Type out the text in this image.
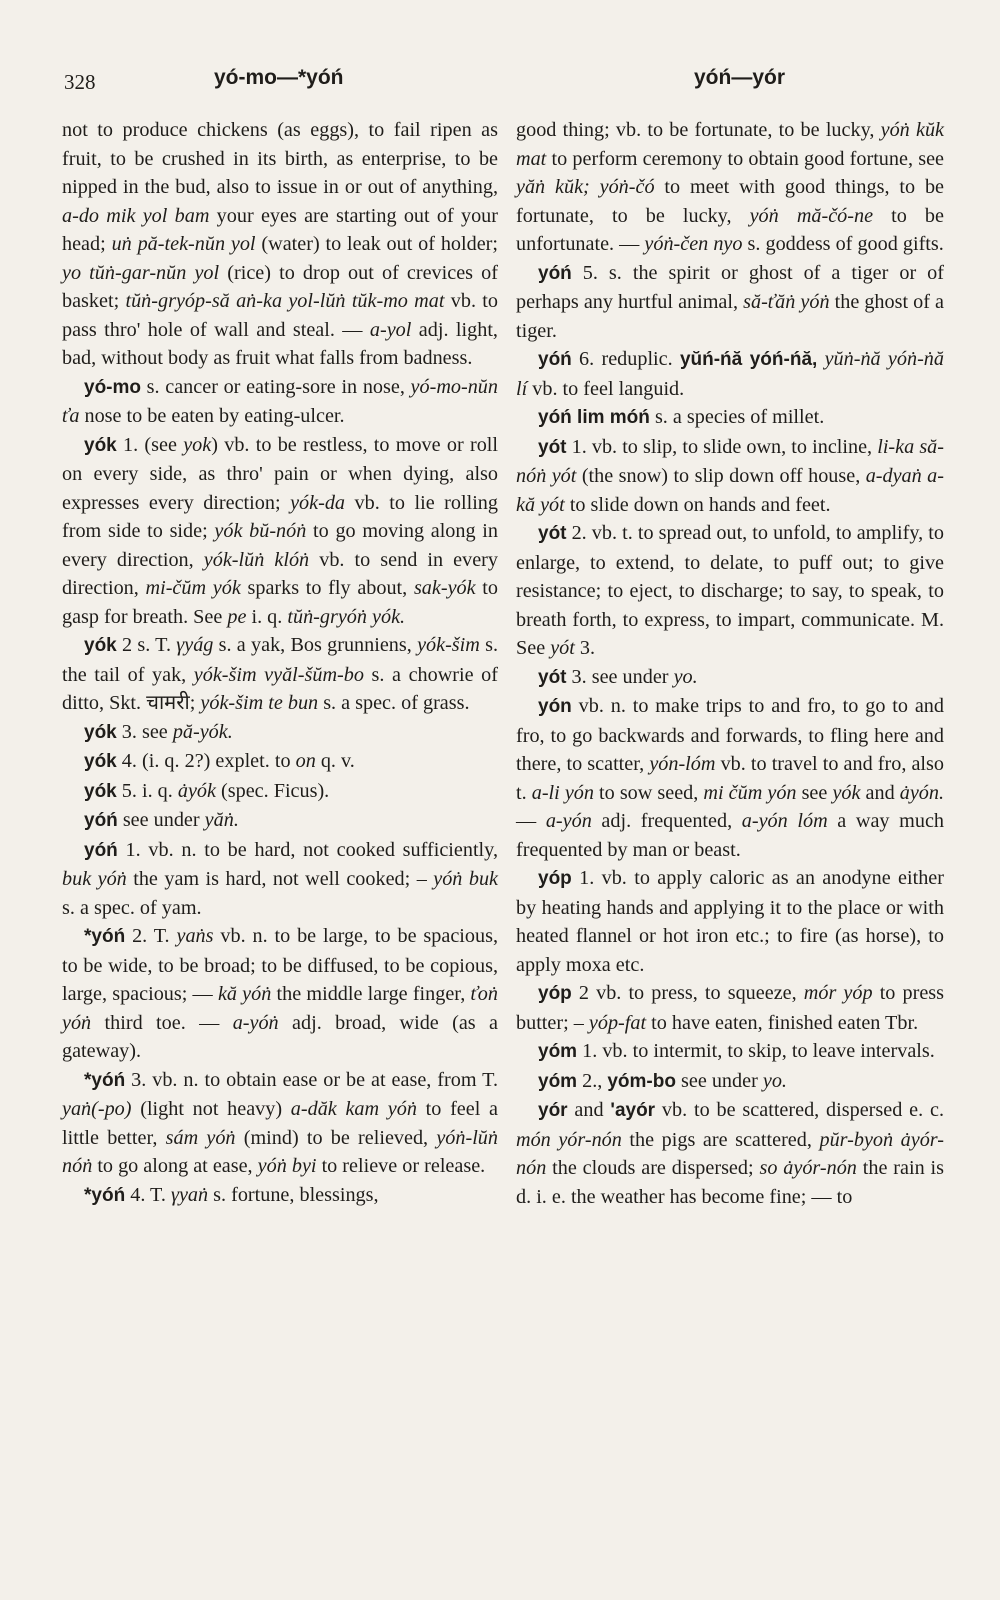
328	yó-mo—*yóń	yóń—yór

not to produce chickens (as eggs), to fail ripen as fruit, to be crushed in its birth, as enterprise, to be nipped in the bud, also to issue in or out of anything, a-do mik yol bam your eyes are starting out of your head; uṅ pă-tek-nŭn yol (water) to leak out of holder; yo tŭṅ-gar-nŭn yol (rice) to drop out of crevices of basket; tŭṅ-gryóp-să aṅ-ka yol-lŭṅ tŭk-mo mat vb. to pass thro' hole of wall and steal. — a-yol adj. light, bad, without body as fruit what falls from badness.

yó-mo s. cancer or eating-sore in nose, yó-mo-nŭn ťa nose to be eaten by eating-ulcer.

yók 1. (see yok) vb. to be restless, to move or roll on every side, as thro' pain or when dying, also expresses every direction; yók-da vb. to lie rolling from side to side; yók bŭ-nóṅ to go moving along in every direction, yók-lŭṅ klóṅ vb. to send in every direction, mi-čŭm yók sparks to fly about, sak-yók to gasp for breath. See pe i. q. tŭṅ-gryóṅ yók.

yók 2 s. T. γyág s. a yak, Bos grunniens, yók-šim s. the tail of yak, yók-šim vyăl-šŭm-bo s. a chowrie of ditto, Skt. चामरी; yók-šim te bun s. a spec. of grass.

yók 3. see pă-yók.

yók 4. (i. q. 2?) explet. to on q. v.

yók 5. i. q. ȧyók (spec. Ficus).

yóń see under yăṅ.

yóń 1. vb. n. to be hard, not cooked sufficiently, buk yóṅ the yam is hard, not well cooked; – yóṅ buk s. a spec. of yam.

*yóń 2. T. yaṅs vb. n. to be large, to be spacious, to be wide, to be broad; to be diffused, to be copious, large, spacious; — kă yóṅ the middle large finger, ťoṅ yóṅ third toe. — a-yóṅ adj. broad, wide (as a gateway).

*yóń 3. vb. n. to obtain ease or be at ease, from T. yaṅ(-po) (light not heavy) a-dăk kam yóṅ to feel a little better, sám yóṅ (mind) to be relieved, yóṅ-lŭṅ nóṅ to go along at ease, yóṅ byi to relieve or release.

*yóń 4. T. γyaṅ s. fortune, blessings,

good thing; vb. to be fortunate, to be lucky, yóṅ kŭk mat to perform ceremony to obtain good fortune, see yăṅ kŭk; yóṅ-čó to meet with good things, to be fortunate, to be lucky, yóṅ mă-čó-ne to be unfortunate. — yóṅ-čen nyo s. goddess of good gifts.

yóń 5. s. the spirit or ghost of a tiger or of perhaps any hurtful animal, să-ťăṅ yóṅ the ghost of a tiger.

yóń 6. reduplic. yŭń-ńă yóń-ńă, yŭṅ-ṅă yóṅ-ṅă lí vb. to feel languid.

yóń lim móń s. a species of millet.

yót 1. vb. to slip, to slide own, to incline, li-ka să-nóṅ yót (the snow) to slip down off house, a-dyaṅ a-kă yót to slide down on hands and feet.

yót 2. vb. t. to spread out, to unfold, to amplify, to enlarge, to extend, to delate, to puff out; to give resistance; to eject, to discharge; to say, to speak, to breath forth, to express, to impart, communicate. M. See yót 3.

yót 3. see under yo.

yón vb. n. to make trips to and fro, to go to and fro, to go backwards and forwards, to fling here and there, to scatter, yón-lóm vb. to travel to and fro, also t. a-li yón to sow seed, mi čŭm yón see yók and ȧyón. — a-yón adj. frequented, a-yón lóm a way much frequented by man or beast.

yóp 1. vb. to apply caloric as an anodyne either by heating hands and applying it to the place or with heated flannel or hot iron etc.; to fire (as horse), to apply moxa etc.

yóp 2 vb. to press, to squeeze, mór yóp to press butter; – yóp-fat to have eaten, finished eaten Tbr.

yóm 1. vb. to intermit, to skip, to leave intervals.

yóm 2., yóm-bo see under yo.

yór and 'ayór vb. to be scattered, dispersed e. c. món yór-nón the pigs are scattered, pŭr-byoṅ ȧyór-nón the clouds are dispersed; so ȧyór-nón the rain is d. i. e. the weather has become fine; — to
